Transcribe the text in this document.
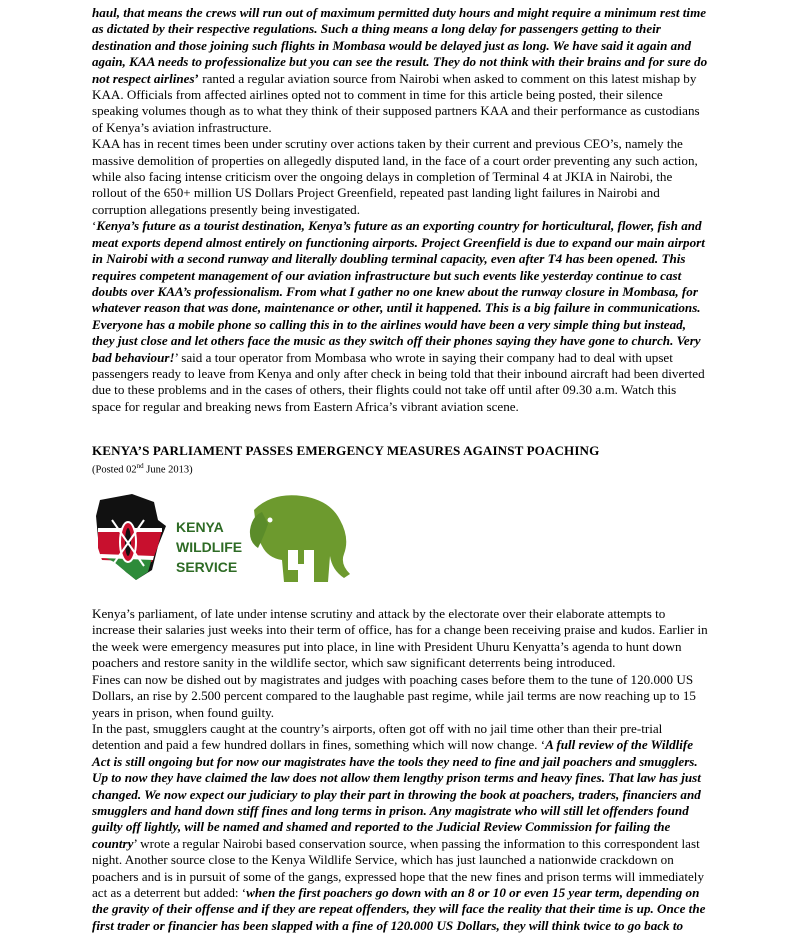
haul, that means the crews will run out of maximum permitted duty hours and might require a minimum rest time as dictated by their respective regulations. Such a thing means a long delay for passengers getting to their destination and those joining such flights in Mombasa would be delayed just as long. We have said it again and again, KAA needs to professionalize but you can see the result. They do not think with their brains and for sure do not respect airlines’ ranted a regular aviation source from Nairobi when asked to comment on this latest mishap by KAA. Officials from affected airlines opted not to comment in time for this article being posted, their silence speaking volumes though as to what they think of their supposed partners KAA and their performance as custodians of Kenya’s aviation infrastructure.

KAA has in recent times been under scrutiny over actions taken by their current and previous CEO’s, namely the massive demolition of properties on allegedly disputed land, in the face of a court order preventing any such action, while also facing intense criticism over the ongoing delays in completion of Terminal 4 at JKIA in Nairobi, the rollout of the 650+ million US Dollars Project Greenfield, repeated past landing light failures in Nairobi and corruption allegations presently being investigated.

‘Kenya’s future as a tourist destination, Kenya’s future as an exporting country for horticultural, flower, fish and meat exports depend almost entirely on functioning airports. Project Greenfield is due to expand our main airport in Nairobi with a second runway and literally doubling terminal capacity, even after T4 has been opened. This requires competent management of our aviation infrastructure but such events like yesterday continue to cast doubts over KAA’s professionalism. From what I gather no one knew about the runway closure in Mombasa, for whatever reason that was done, maintenance or other, until it happened. This is a big failure in communications. Everyone has a mobile phone so calling this in to the airlines would have been a very simple thing but instead, they just close and let others face the music as they switch off their phones saying they have gone to church. Very bad behaviour!’ said a tour operator from Mombasa who wrote in saying their company had to deal with upset passengers ready to leave from Kenya and only after check in being told that their inbound aircraft had been diverted due to these problems and in the cases of others, their flights could not take off until after 09.30 a.m. Watch this space for regular and breaking news from Eastern Africa’s vibrant aviation scene.

KENYA’S PARLIAMENT PASSES EMERGENCY MEASURES AGAINST POACHING

(Posted 02nd June 2013)

KENYA
WILDLIFE
SERVICE

Kenya’s parliament, of late under intense scrutiny and attack by the electorate over their elaborate attempts to increase their salaries just weeks into their term of office, has for a change been receiving praise and kudos. Earlier in the week were emergency measures put into place, in line with President Uhuru Kenyatta’s agenda to hunt down poachers and restore sanity in the wildlife sector, which saw significant deterrents being introduced.

Fines can now be dished out by magistrates and judges with poaching cases before them to the tune of 120.000 US Dollars, an rise by 2.500 percent compared to the laughable past regime, while jail terms are now reaching up to 15 years in prison, when found guilty.

In the past, smugglers caught at the country’s airports, often got off with no jail time other than their pre-trial detention and paid a few hundred dollars in fines, something which will now change. ‘A full review of the Wildlife Act is still ongoing but for now our magistrates have the tools they need to fine and jail poachers and smugglers. Up to now they have claimed the law does not allow them lengthy prison terms and heavy fines. That law has just changed. We now expect our judiciary to play their part in throwing the book at poachers, traders, financiers and smugglers and hand down stiff fines and long terms in prison. Any magistrate who will still let offenders found guilty off lightly, will be named and shamed and reported to the Judicial Review Commission for failing the country’ wrote a regular Nairobi based conservation source, when passing the information to this correspondent last night. Another source close to the Kenya Wildlife Service, which has just launched a nationwide crackdown on poachers and is in pursuit of some of the gangs, expressed hope that the new fines and prison terms will immediately act as a deterrent but added: ‘when the first poachers go down with an 8 or 10 or even 15 year term, depending on the gravity of their offense and if they are repeat offenders, they will face the reality that their time is up. Once the first trader or financier has been slapped with a fine of 120.000 US Dollars, they will think twice to go back to
